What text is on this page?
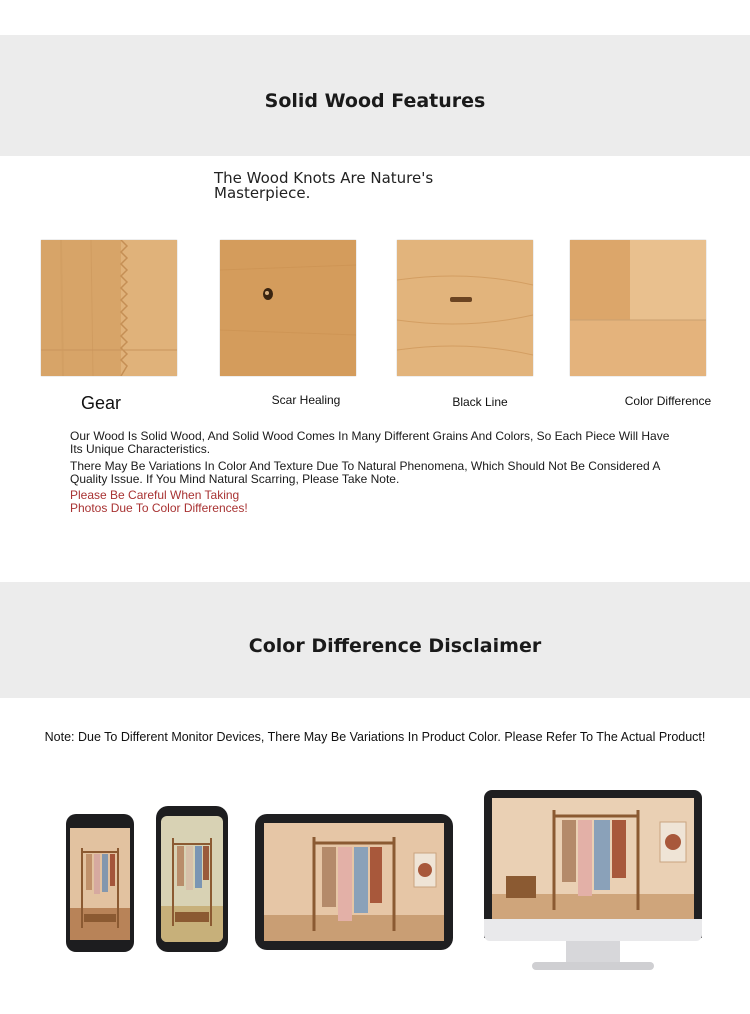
Solid Wood Features
The Wood Knots Are Nature's
Masterpiece.
Gear	Scar Healing	Black Line	Color Difference
Our Wood Is Solid Wood, And Solid Wood Comes In Many Different Grains And Colors, So Each Piece Will Have Its Unique Characteristics.
There May Be Variations In Color And Texture Due To Natural Phenomena, Which Should Not Be Considered A Quality Issue. If You Mind Natural Scarring, Please Take Note.
Please Be Careful When Taking
Photos Due To Color Differences!
Color Difference Disclaimer
Note: Due To Different Monitor Devices, There May Be Variations In Product Color. Please Refer To The Actual Product!
